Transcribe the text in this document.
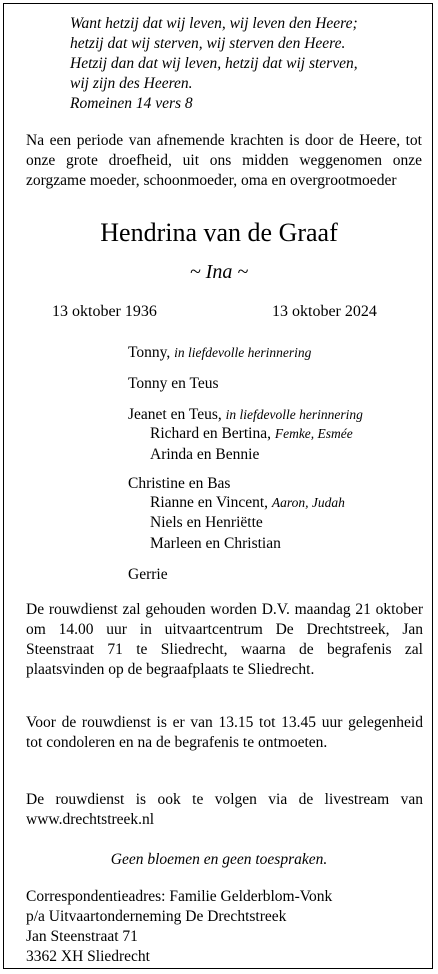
Want hetzij dat wij leven, wij leven den Heere;
hetzij dat wij sterven, wij sterven den Heere.
Hetzij dan dat wij leven, hetzij dat wij sterven,
wij zijn des Heeren.
Romeinen 14 vers 8
Na een periode van afnemende krachten is door de Heere, tot onze grote droefheid, uit ons midden weggenomen onze zorgzame moeder, schoonmoeder, oma en overgrootmoeder
Hendrina van de Graaf
~ Ina ~
13 oktober 1936	13 oktober 2024
Tonny, in liefdevolle herinnering
Tonny en Teus
Jeanet en Teus, in liefdevolle herinnering
Richard en Bertina, Femke, Esmée
Arinda en Bennie
Christine en Bas
Rianne en Vincent, Aaron, Judah
Niels en Henriëtte
Marleen en Christian
Gerrie
De rouwdienst zal gehouden worden D.V. maandag 21 oktober om 14.00 uur in uitvaartcentrum De Drechtstreek, Jan Steenstraat 71 te Sliedrecht, waarna de begrafenis zal plaatsvinden op de begraafplaats te Sliedrecht.
Voor de rouwdienst is er van 13.15 tot 13.45 uur gelegenheid tot condoleren en na de begrafenis te ontmoeten.
De rouwdienst is ook te volgen via de livestream van www.drechtstreek.nl
Geen bloemen en geen toespraken.
Correspondentieadres: Familie Gelderblom-Vonk
p/a Uitvaartonderneming De Drechtstreek
Jan Steenstraat 71
3362 XH Sliedrecht
